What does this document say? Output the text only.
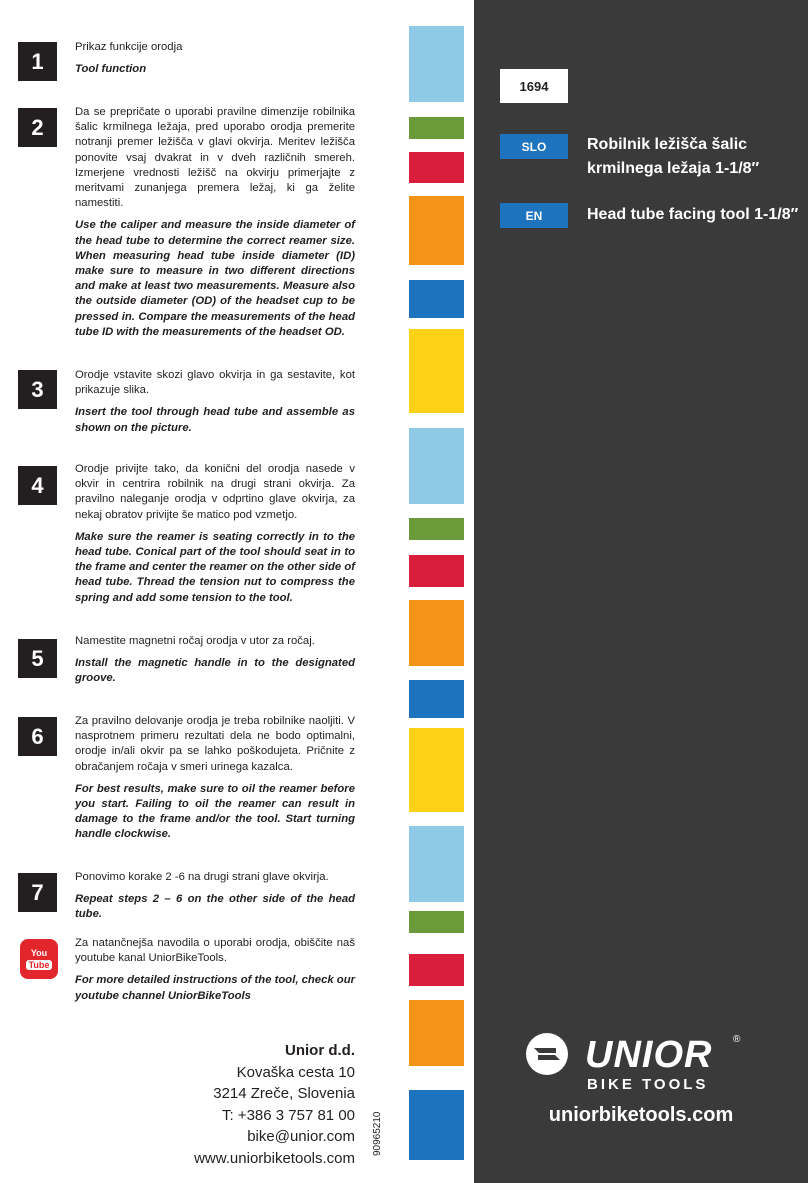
1
2
3
4
5
6
7

Prikaz funkcije orodja

Tool function

Da se prepričate o uporabi pravilne dimenzije robilnika šalic krmilnega ležaja, pred uporabo orodja premerite notranji premer ležišča v glavi okvirja. Meritev ležišča ponovite vsaj dvakrat in v dveh različnih smereh. Izmerjene vrednosti ležišč na okvirju primerjajte z meritvami zunanjega premera ležaj, ki ga želite namestiti.

Use the caliper and measure the inside diameter of the head tube to determine the correct reamer size. When measuring head tube inside diameter (ID) make sure to measure in two different directions and make at least two measurements. Measure also the outside diameter (OD) of the headset cup to be pressed in. Compare the measurements of the head tube ID with the measurements of the headset OD.

Orodje vstavite skozi glavo okvirja in ga sestavite, kot prikazuje slika.

Insert the tool through head tube and assemble as shown on the picture.

Orodje privijte tako, da konični del orodja nasede v okvir in centrira robilnik na drugi strani okvirja. Za pravilno naleganje orodja v odprtino glave okvirja, za nekaj obratov privijte še matico pod vzmetjo.

Make sure the reamer is seating correctly in to the head tube. Conical part of the tool should seat in to the frame and center the reamer on the other side of head tube. Thread the tension nut to compress the spring and add some tension to the tool.

Namestite magnetni ročaj orodja v utor za ročaj.

Install the magnetic handle in to the designated groove.

Za pravilno delovanje orodja je treba robilnike naoljiti. V nasprotnem primeru rezultati dela ne bodo optimalni, orodje in/ali okvir pa se lahko poškodujeta. Pričnite z obračanjem ročaja v smeri urinega kazalca.

For best results, make sure to oil the reamer before you start. Failing to oil the reamer can result in damage to the frame and/or the tool. Start turning handle clockwise.

Ponovimo korake 2 -6 na drugi strani glave okvirja.

Repeat steps 2 – 6 on the other side of the head tube.

You
Tube

Za natančnejša navodila o uporabi orodja, obiščite naš youtube kanal UniorBikeTools.

For more detailed instructions of the tool, check our youtube channel UniorBikeTools

Unior d.d.
Kovaška cesta 10
3214 Zreče, Slovenia
T: +386 3 757 81 00
bike@unior.com
www.uniorbiketools.com
90965210
1694
SLO	Robilnik ležišča šalic
krmilnega ležaja 1-1/8″
EN	Head tube facing tool 1-1/8″
UNIOR ®
BIKE TOOLS
uniorbiketools.com
